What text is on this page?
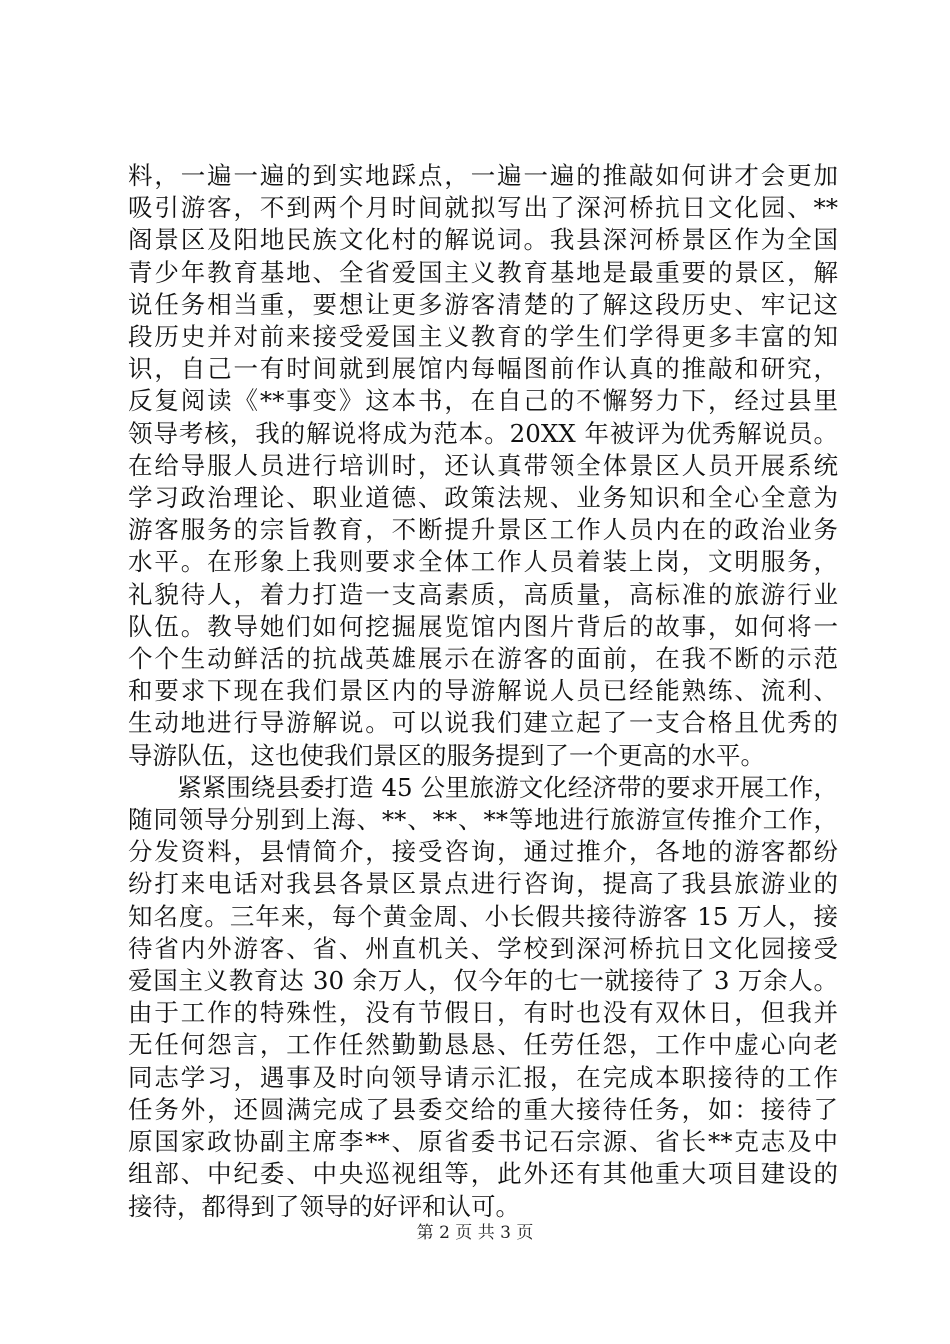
料，一遍一遍的到实地踩点，一遍一遍的推敲如何讲才会更加
吸引游客，不到两个月时间就拟写出了深河桥抗日文化园、**
阁景区及阳地民族文化村的解说词。我县深河桥景区作为全国
青少年教育基地、全省爱国主义教育基地是最重要的景区，解
说任务相当重，要想让更多游客清楚的了解这段历史、牢记这
段历史并对前来接受爱国主义教育的学生们学得更多丰富的知
识，自己一有时间就到展馆内每幅图前作认真的推敲和研究，
反复阅读《**事变》这本书，在自己的不懈努力下，经过县里
领导考核，我的解说将成为范本。20XX 年被评为优秀解说员。
在给导服人员进行培训时，还认真带领全体景区人员开展系统
学习政治理论、职业道德、政策法规、业务知识和全心全意为
游客服务的宗旨教育，不断提升景区工作人员内在的政治业务
水平。在形象上我则要求全体工作人员着装上岗，文明服务，
礼貌待人，着力打造一支高素质，高质量，高标准的旅游行业
队伍。教导她们如何挖掘展览馆内图片背后的故事，如何将一
个个生动鲜活的抗战英雄展示在游客的面前，在我不断的示范
和要求下现在我们景区内的导游解说人员已经能熟练、流利、
生动地进行导游解说。可以说我们建立起了一支合格且优秀的
导游队伍，这也使我们景区的服务提到了一个更高的水平。
　　紧紧围绕县委打造 45 公里旅游文化经济带的要求开展工作，
随同领导分别到上海、**、**、**等地进行旅游宣传推介工作，
分发资料，县情简介，接受咨询，通过推介，各地的游客都纷
纷打来电话对我县各景区景点进行咨询，提高了我县旅游业的
知名度。三年来，每个黄金周、小长假共接待游客 15 万人，接
待省内外游客、省、州直机关、学校到深河桥抗日文化园接受
爱国主义教育达 30 余万人，仅今年的七一就接待了 3 万余人。
由于工作的特殊性，没有节假日，有时也没有双休日，但我并
无任何怨言，工作任然勤勤恳恳、任劳任怨，工作中虚心向老
同志学习，遇事及时向领导请示汇报，在完成本职接待的工作
任务外，还圆满完成了县委交给的重大接待任务，如：接待了
原国家政协副主席李**、原省委书记石宗源、省长**克志及中
组部、中纪委、中央巡视组等，此外还有其他重大项目建设的
接待，都得到了领导的好评和认可。
第 2 页 共 3 页
